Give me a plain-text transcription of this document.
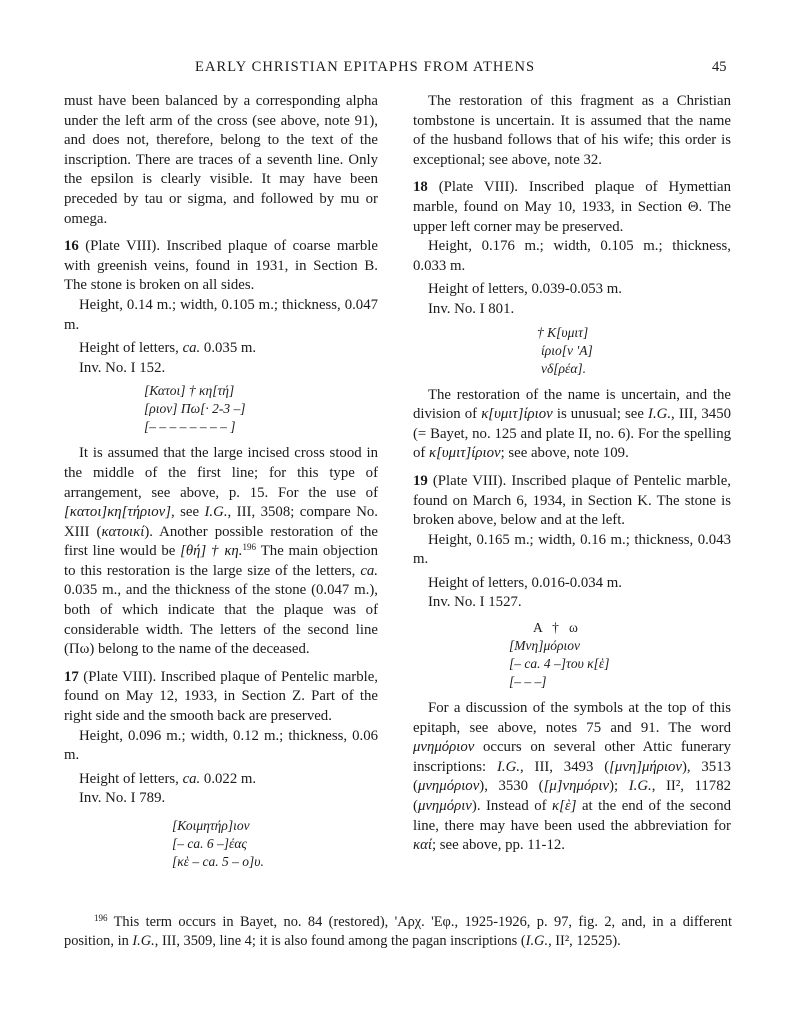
EARLY CHRISTIAN EPITAPHS FROM ATHENS	45

must have been balanced by a corresponding alpha under the left arm of the cross (see above, note 91), and does not, therefore, belong to the text of the inscription. There are traces of a seventh line. Only the epsilon is clearly visible. It may have been preceded by tau or sigma, and followed by mu or omega.

16 (Plate VIII). Inscribed plaque of coarse marble with greenish veins, found in 1931, in Section B. The stone is broken on all sides.

Height, 0.14 m.; width, 0.105 m.; thickness, 0.047 m.

Height of letters, ca. 0.035 m.

Inv. No. I 152.

[Κατοι] † κη[τή]
[ριον] Πω[· 2-3 –]
[– – – – – – – – ]

It is assumed that the large incised cross stood in the middle of the first line; for this type of arrangement, see above, p. 15. For the use of [κατοι]κη[τήριον], see I.G., III, 3508; compare No. XIII (κατοικί). Another possible restoration of the first line would be [θή] † κη.$^{196}$ The main objection to this restoration is the large size of the letters, ca. 0.035 m., and the thickness of the stone (0.047 m.), both of which indicate that the plaque was of considerable width. The letters of the second line (Πω) belong to the name of the deceased.

17 (Plate VIII). Inscribed plaque of Pentelic marble, found on May 12, 1933, in Section Z. Part of the right side and the smooth back are preserved.

Height, 0.096 m.; width, 0.12 m.; thickness, 0.06 m.

Height of letters, ca. 0.022 m.

Inv. No. I 789.

[Κοιμητήρ]ιον
[– ca. 6 –]έας
[κὲ – ca. 5 – ο]υ.

The restoration of this fragment as a Christian tombstone is uncertain. It is assumed that the name of the husband follows that of his wife; this order is exceptional; see above, note 32.

18 (Plate VIII). Inscribed plaque of Hymettian marble, found on May 10, 1933, in Section Θ. The upper left corner may be preserved.

Height, 0.176 m.; width, 0.105 m.; thickness, 0.033 m.

Height of letters, 0.039-0.053 m.

Inv. No. I 801.

† Κ[υμιτ]
ίριο[ν 'Α]
νδ[ρέα].

The restoration of the name is uncertain, and the division of κ[υμιτ]ίριον is unusual; see I.G., III, 3450 (= Bayet, no. 125 and plate II, no. 6). For the spelling of κ[υμιτ]ίριον; see above, note 109.

19 (Plate VIII). Inscribed plaque of Pentelic marble, found on March 6, 1934, in Section K. The stone is broken above, below and at the left.

Height, 0.165 m.; width, 0.16 m.; thickness, 0.043 m.

Height of letters, 0.016-0.034 m.

Inv. No. I 1527.

Α   †   ω
[Μνη]μόριον
[– ca. 4 –]του κ[ὲ]
[– – –]

For a discussion of the symbols at the top of this epitaph, see above, notes 75 and 91. The word μνημόριον occurs on several other Attic funerary inscriptions: I.G., III, 3493 ([μνη]μήριον), 3513 (μνημόριον), 3530 ([μ]νημόριν); I.G., II², 11782 (μνημόριν). Instead of κ[ὲ] at the end of the second line, there may have been used the abbreviation for καί; see above, pp. 11-12.

$^{196}$ This term occurs in Bayet, no. 84 (restored), 'Αρχ. 'Εφ., 1925-1926, p. 97, fig. 2, and, in a different position, in I.G., III, 3509, line 4; it is also found among the pagan inscriptions (I.G., II², 12525).
